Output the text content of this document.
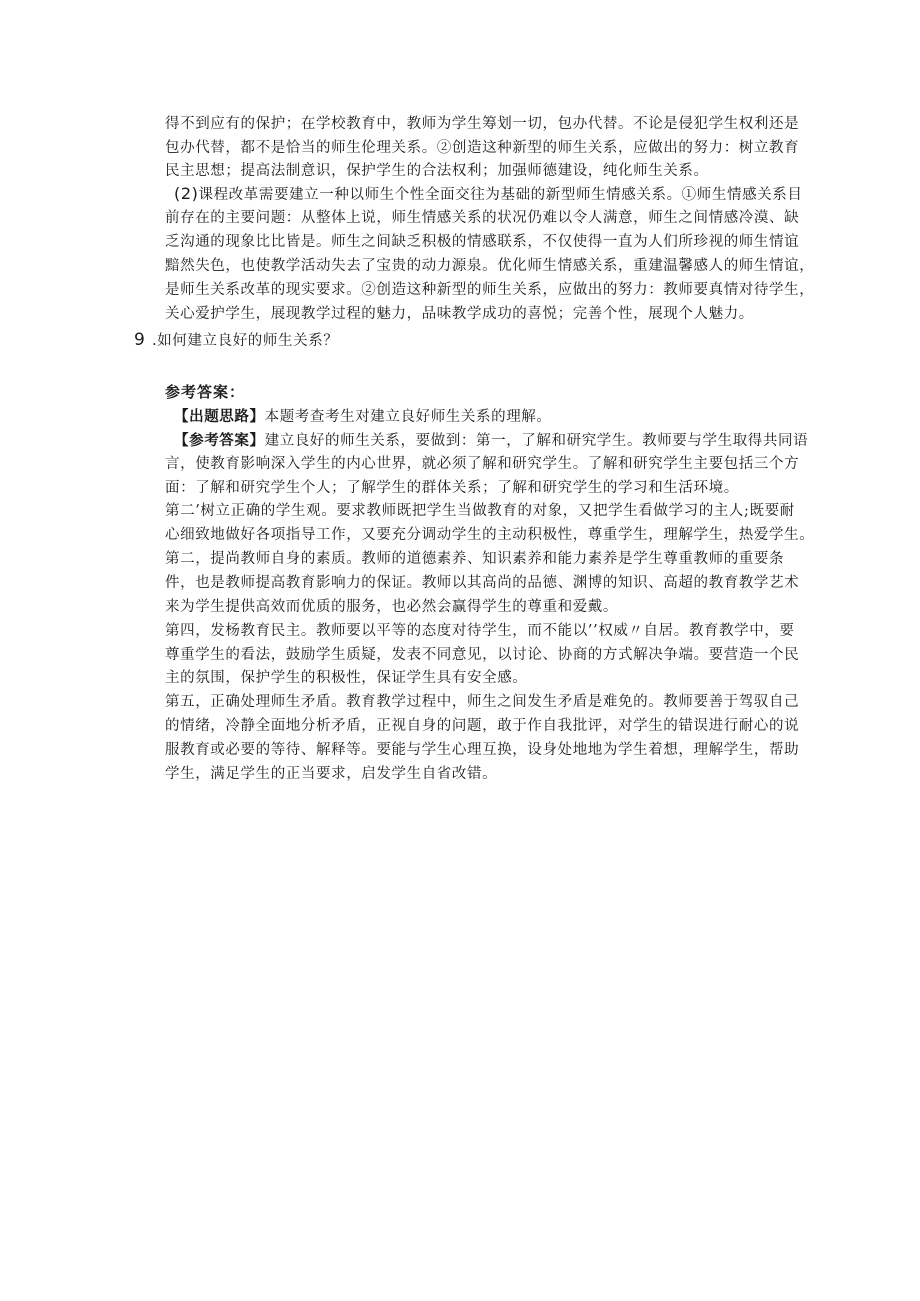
得不到应有的保护；在学校教育中，教师为学生筹划一切，包办代替。不论是侵犯学生权利还是
包办代替，都不是恰当的师生伦理关系。②创造这种新型的师生关系，应做出的努力：树立教育
民主思想；提高法制意识，保护学生的合法权利；加强师德建设，纯化师生关系。
(2)课程改革需要建立一种以师生个性全面交往为基础的新型师生情感关系。①师生情感关系目
前存在的主要问题：从整体上说，师生情感关系的状况仍难以令人满意，师生之间情感冷漠、缺
乏沟通的现象比比皆是。师生之间缺乏积极的情感联系，不仅使得一直为人们所珍视的师生情谊
黯然失色，也使教学活动失去了宝贵的动力源泉。优化师生情感关系，重建温馨感人的师生情谊，
是师生关系改革的现实要求。②创造这种新型的师生关系，应做出的努力：教师要真情对待学生，
关心爱护学生，展现教学过程的魅力，品味教学成功的喜悦；完善个性，展现个人魅力。
9 .如何建立良好的师生关系？
参考答案：
【出题思路】本题考查考生对建立良好师生关系的理解。
【参考答案】建立良好的师生关系，要做到：第一，了解和研究学生。教师要与学生取得共同语
言，使教育影响深入学生的内心世界，就必须了解和研究学生。了解和研究学生主要包括三个方
面：了解和研究学生个人；了解学生的群体关系；了解和研究学生的学习和生活环境。
第二’树立正确的学生观。要求教师既把学生当做教育的对象，又把学生看做学习的主人;既要耐
心细致地做好各项指导工作，又要充分调动学生的主动积极性，尊重学生，理解学生，热爱学生。
第二，提尚教师自身的素质。教师的道德素养、知识素养和能力素养是学生尊重教师的重要条
件，也是教师提高教育影响力的保证。教师以其高尚的品德、渊博的知识、高超的教育教学艺术
来为学生提供高效而优质的服务，也必然会赢得学生的尊重和爱戴。
第四，发杨教育民主。教师要以平等的态度对待学生，而不能以’’权威〃自居。教育教学中，要
尊重学生的看法，鼓励学生质疑，发表不同意见，以讨论、协商的方式解决争端。要营造一个民
主的氛围，保护学生的积极性，保证学生具有安全感。
第五，正确处理师生矛盾。教育教学过程中，师生之间发生矛盾是难免的。教师要善于驾驭自己
的情绪，冷静全面地分析矛盾，正视自身的问题，敢于作自我批评，对学生的错误进行耐心的说
服教育或必要的等待、解释等。要能与学生心理互换，设身处地地为学生着想，理解学生，帮助
学生，满足学生的正当要求，启发学生自省改错。
